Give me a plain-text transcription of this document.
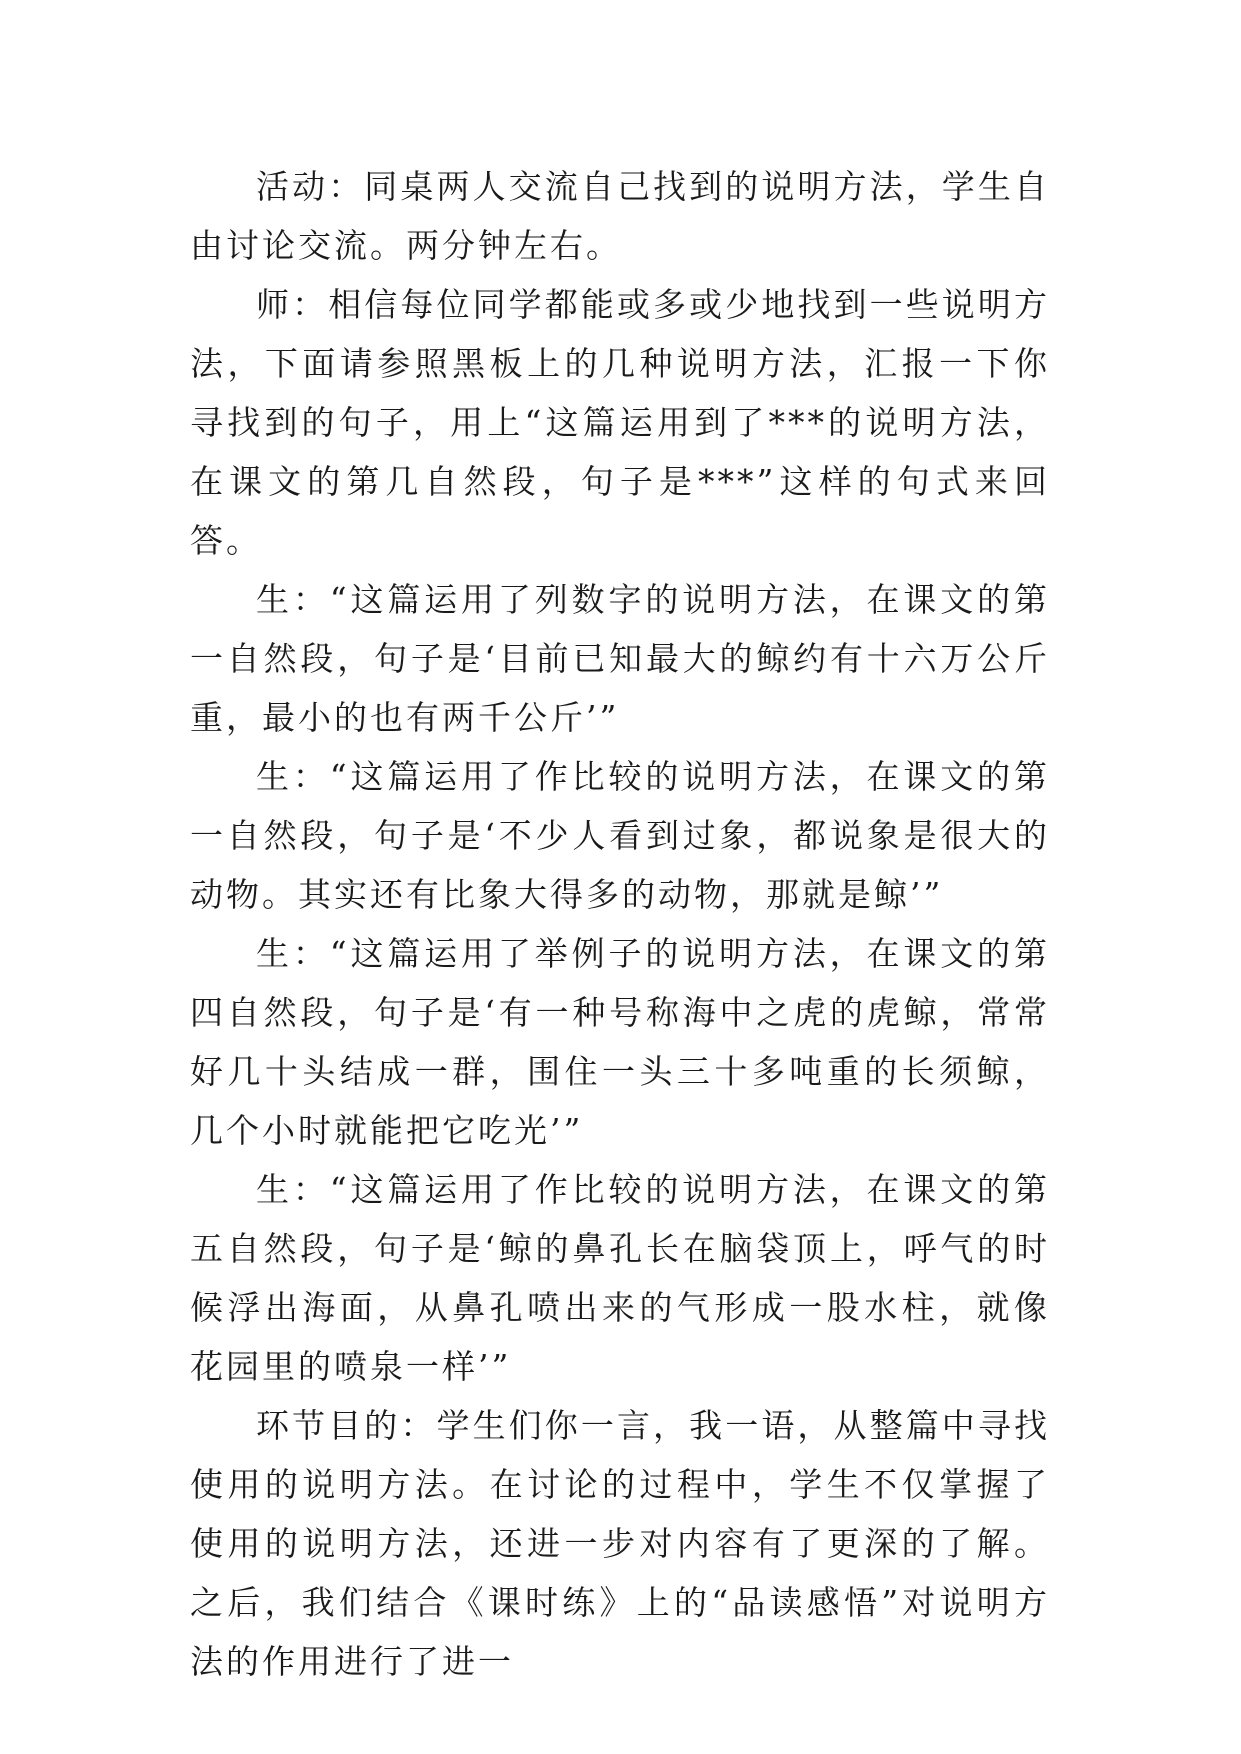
活动：同桌两人交流自己找到的说明方法，学生自由讨论交流。两分钟左右。

师：相信每位同学都能或多或少地找到一些说明方法，下面请参照黑板上的几种说明方法，汇报一下你寻找到的句子，用上“这篇运用到了***的说明方法，在课文的第几自然段，句子是***”这样的句式来回答。

生：“这篇运用了列数字的说明方法，在课文的第一自然段，句子是‘目前已知最大的鲸约有十六万公斤重，最小的也有两千公斤’”

生：“这篇运用了作比较的说明方法，在课文的第一自然段，句子是‘不少人看到过象，都说象是很大的动物。其实还有比象大得多的动物，那就是鲸’”

生：“这篇运用了举例子的说明方法，在课文的第四自然段，句子是‘有一种号称海中之虎的虎鲸，常常好几十头结成一群，围住一头三十多吨重的长须鲸，几个小时就能把它吃光’”

生：“这篇运用了作比较的说明方法，在课文的第五自然段，句子是‘鲸的鼻孔长在脑袋顶上，呼气的时候浮出海面，从鼻孔喷出来的气形成一股水柱，就像花园里的喷泉一样’”

环节目的：学生们你一言，我一语，从整篇中寻找使用的说明方法。在讨论的过程中，学生不仅掌握了使用的说明方法，还进一步对内容有了更深的了解。之后，我们结合《课时练》上的“品读感悟”对说明方法的作用进行了进一
